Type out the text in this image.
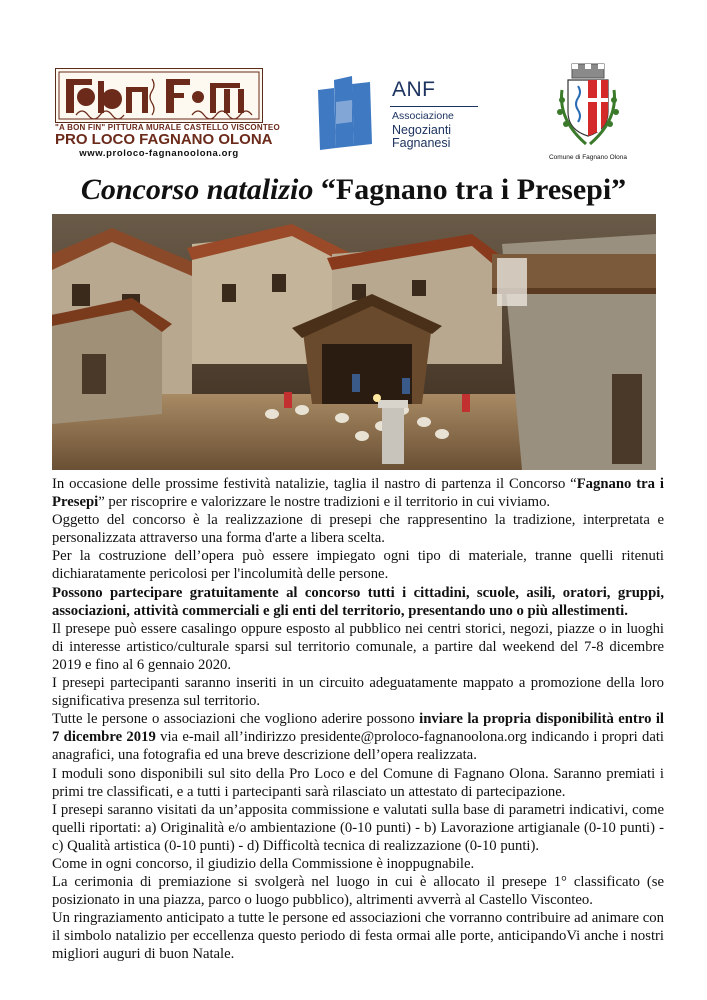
"A BON FIN" PITTURA MURALE CASTELLO VISCONTEO
PRO LOCO FAGNANO OLONA
www.proloco-fagnanoolona.org
ANF
Associazione
Negozianti
Fagnanesi
Comune di Fagnano Olona
Concorso natalizio “Fagnano tra i Presepi”

In occasione delle prossime festività natalizie, taglia il nastro di partenza il Concorso “Fagnano tra i Presepi” per riscoprire e valorizzare le nostre tradizioni e il territorio in cui viviamo.

Oggetto del concorso è la realizzazione di presepi che rappresentino la tradizione, interpretata e personalizzata attraverso una forma d'arte a libera scelta.

Per la costruzione dell’opera può essere impiegato ogni tipo di materiale, tranne quelli ritenuti dichiaratamente pericolosi per l'incolumità delle persone.

Possono partecipare gratuitamente al concorso tutti i cittadini, scuole, asili, oratori, gruppi, associazioni, attività commerciali e gli enti del territorio, presentando uno o più allestimenti.

Il presepe può essere casalingo oppure esposto al pubblico nei centri storici, negozi, piazze o in luoghi di interesse artistico/culturale sparsi sul territorio comunale, a partire dal weekend del 7-8 dicembre 2019 e fino al 6 gennaio 2020.

I presepi partecipanti saranno inseriti in un circuito adeguatamente mappato a promozione della loro significativa presenza sul territorio.

Tutte le persone o associazioni che vogliono aderire possono inviare la propria disponibilità entro il 7 dicembre 2019 via e-mail all’indirizzo presidente@proloco-fagnanoolona.org indicando i propri dati anagrafici, una fotografia ed una breve descrizione dell’opera realizzata.

I moduli sono disponibili sul sito della Pro Loco e del Comune di Fagnano Olona. Saranno premiati i primi tre classificati, e a tutti i partecipanti sarà rilasciato un attestato di partecipazione.

I presepi saranno visitati da un’apposita commissione e valutati sulla base di parametri indicativi, come quelli riportati: a) Originalità e/o ambientazione (0-10 punti) - b) Lavorazione artigianale (0-10 punti) - c) Qualità artistica (0-10 punti) - d) Difficoltà tecnica di realizzazione (0-10 punti).

Come in ogni concorso, il giudizio della Commissione è inoppugnabile.

La cerimonia di premiazione si svolgerà nel luogo in cui è allocato il presepe 1° classificato (se posizionato in una piazza, parco o luogo pubblico), altrimenti avverrà al Castello Visconteo.

Un ringraziamento anticipato a tutte le persone ed associazioni che vorranno contribuire ad animare con il simbolo natalizio per eccellenza questo periodo di festa ormai alle porte, anticipandoVi anche i nostri migliori auguri di buon Natale.
